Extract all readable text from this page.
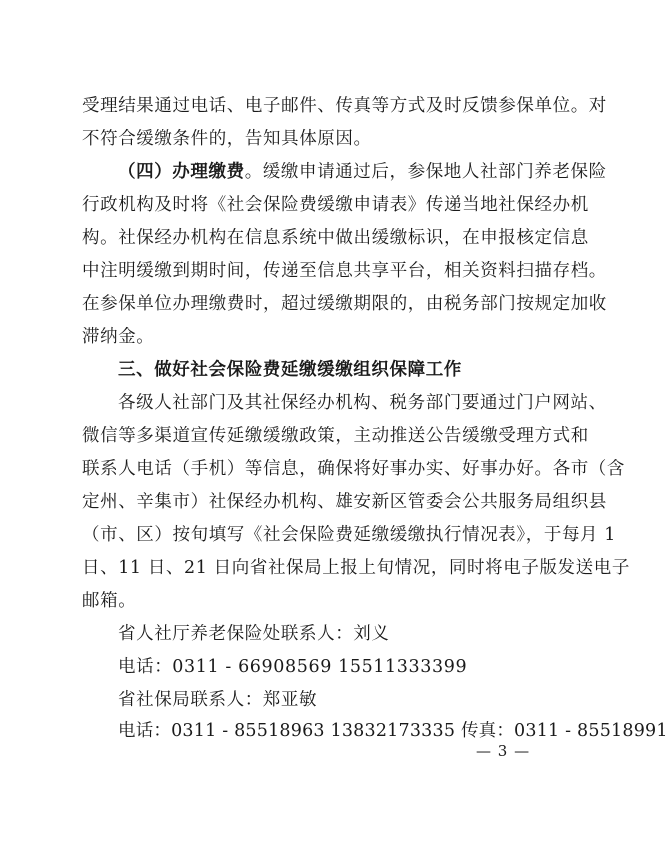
受理结果通过电话、电子邮件、传真等方式及时反馈参保单位。对
不符合缓缴条件的，告知具体原因。
（四）办理缴费。缓缴申请通过后，参保地人社部门养老保险
行政机构及时将《社会保险费缓缴申请表》传递当地社保经办机
构。社保经办机构在信息系统中做出缓缴标识，在申报核定信息
中注明缓缴到期时间，传递至信息共享平台，相关资料扫描存档。
在参保单位办理缴费时，超过缓缴期限的，由税务部门按规定加收
滞纳金。
三、做好社会保险费延缴缓缴组织保障工作
各级人社部门及其社保经办机构、税务部门要通过门户网站、
微信等多渠道宣传延缴缓缴政策，主动推送公告缓缴受理方式和
联系人电话（手机）等信息，确保将好事办实、好事办好。各市（含
定州、辛集市）社保经办机构、雄安新区管委会公共服务局组织县
（市、区）按旬填写《社会保险费延缴缓缴执行情况表》，于每月 1
日、11 日、21 日向省社保局上报上旬情况，同时将电子版发送电子
邮箱。
省人社厅养老保险处联系人：刘义
电话：0311 - 66908569 15511333399
省社保局联系人：郑亚敏
电话：0311 - 85518963 13832173335 传真：0311 - 85518991
— 3 —
